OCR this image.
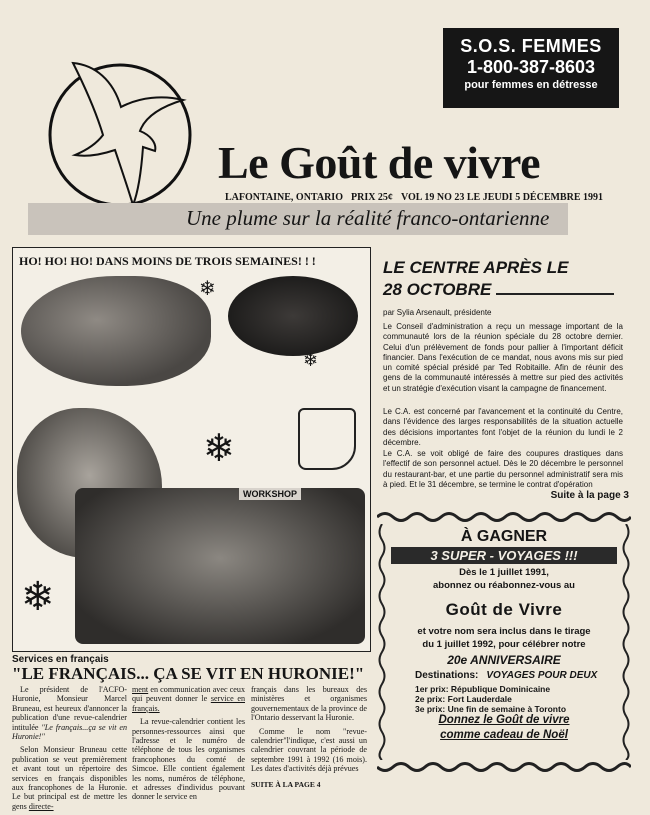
S.O.S. FEMMES
1-800-387-8603
pour femmes en détresse
Le Goût de vivre
LAFONTAINE, ONTARIO PRIX 25¢ VOL 19 NO 23 LE JEUDI 5 DÉCEMBRE 1991
Une plume sur la réalité franco-ontarienne
HO! HO! HO! DANS MOINS DE TROIS SEMAINES! ! !
WORKSHOP
❄
❄
❄
❄
LE CENTRE APRÈS LE
28 OCTOBRE
par Sylia Arsenault, présidente
Le Conseil d'administration a reçu un message important de la communauté lors de la réunion spéciale du 28 octobre dernier. Celui d'un prélèvement de fonds pour pallier à l'important déficit financier. Dans l'exécution de ce mandat, nous avons mis sur pied un comité spécial présidé par Ted Robitaille. Afin de réunir des gens de la communauté intéressés à mettre sur pied des activités et un stratégie d'exécution visant la campagne de financement.
Le C.A. est concerné par l'avancement et la continuité du Centre, dans l'évidence des larges responsabilités de la situation actuelle des décisions importantes font l'objet de la réunion du lundi le 2 décembre.
Le C.A. se voit obligé de faire des coupures drastiques dans l'effectif de son personnel actuel. Dès le 20 décembre le personnel du restaurant-bar, et une partie du personnel administratif sera mis à pied. Et le 31 décembre, se termine le contrat d'opération
Suite à la page 3
À GAGNER
3 SUPER - VOYAGES !!!
Dès le 1 juillet 1991,
abonnez ou réabonnez-vous au
Goût de Vivre
et votre nom sera inclus dans le tirage
du 1 juillet 1992, pour célébrer notre
20e ANNIVERSAIRE
Destinations: VOYAGES POUR DEUX
1er prix: République Dominicaine
2e prix: Fort Lauderdale
3e prix: Une fin de semaine à Toronto
Donnez le Goût de vivre
comme cadeau de Noël
Services en français
"LE FRANÇAIS... ÇA SE VIT EN HURONIE!"

Le président de l'ACFO-Huronie, Monsieur Marcel Bruneau, est heureux d'annoncer la publication d'une revue-calendrier intitulée "Le français...ça se vit en Huronie!"

Selon Monsieur Bruneau cette publication se veut premièrement et avant tout un répertoire des services en français disponibles aux francophones de la Huronie. Le but principal est de mettre les gens directe-

ment en communication avec ceux qui peuvent donner le service en français.

La revue-calendrier contient les personnes-ressources ainsi que l'adresse et le numéro de téléphone de tous les organismes francophones du comté de Simcoe. Elle contient également les noms, numéros de téléphone, et adresses d'individus pouvant donner le service en

français dans les bureaux des ministères et organismes gouvernementaux de la province de l'Ontario desservant la Huronie.

Comme le nom "revue-calendrier"l'indique, c'est aussi un calendrier couvrant la période de septembre 1991 à 1992 (16 mois). Les dates d'activités déjà prévues

SUITE À LA PAGE 4
